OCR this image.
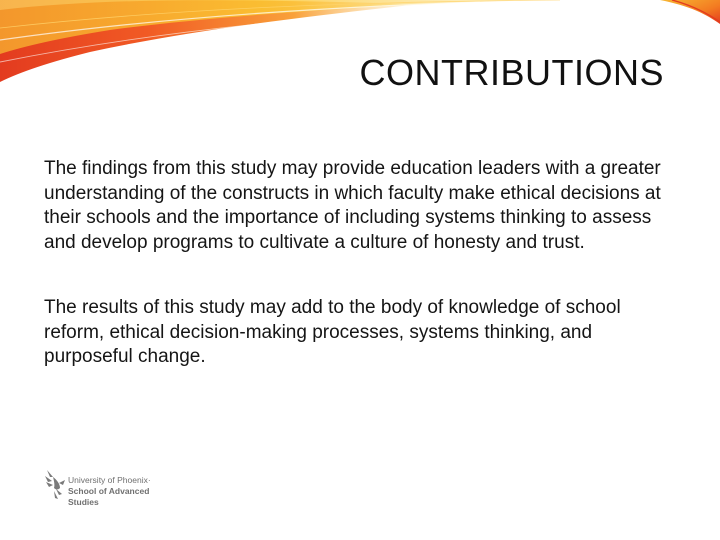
CONTRIBUTIONS

The findings from this study may provide education leaders with a greater understanding of the constructs in which faculty make ethical decisions at their schools and the importance of including systems thinking to assess and develop programs to cultivate a culture of honesty and trust.

The results of this study may add to the body of knowledge of school reform, ethical decision-making processes, systems thinking, and purposeful change.

University of Phoenix·
School of Advanced
Studies
